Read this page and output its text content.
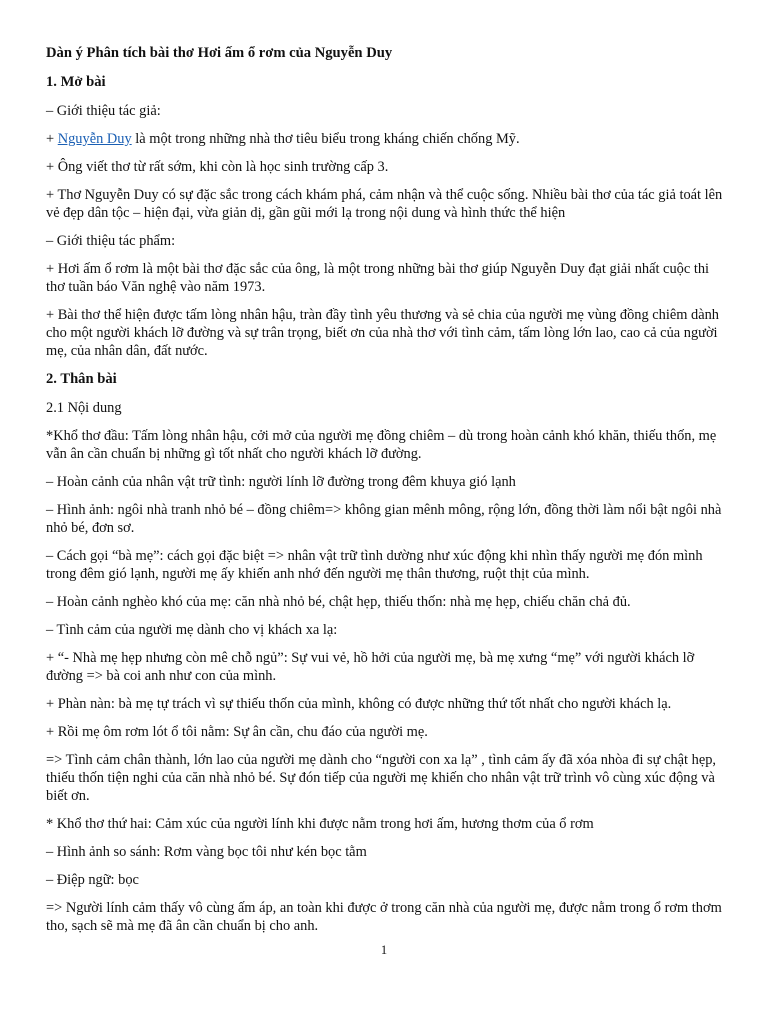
Dàn ý Phân tích bài thơ Hơi ấm ổ rơm của Nguyễn Duy

1. Mở bài

– Giới thiệu tác giả:

+ Nguyễn Duy là một trong những nhà thơ tiêu biểu trong kháng chiến chống Mỹ.

+ Ông viết thơ từ rất sớm, khi còn là học sinh trường cấp 3.

+ Thơ Nguyễn Duy có sự đặc sắc trong cách khám phá, cảm nhận và thể cuộc sống. Nhiều bài thơ của tác giả toát lên vẻ đẹp dân tộc – hiện đại, vừa giản dị, gần gũi mới lạ trong nội dung và hình thức thể hiện

– Giới thiệu tác phẩm:

+ Hơi ấm ổ rơm là một bài thơ đặc sắc của ông, là một trong những bài thơ giúp Nguyễn Duy đạt giải nhất cuộc thi thơ tuần báo Văn nghệ vào năm 1973.

+ Bài thơ thể hiện được tấm lòng nhân hậu, tràn đầy tình yêu thương và sẻ chia của người mẹ vùng đồng chiêm dành cho một người khách lỡ đường và sự trân trọng, biết ơn của nhà thơ với tình cảm, tấm lòng lớn lao, cao cả của người mẹ, của nhân dân, đất nước.

2. Thân bài

2.1 Nội dung

*Khổ thơ đầu: Tấm lòng nhân hậu, cởi mở của người mẹ đồng chiêm – dù trong hoàn cảnh khó khăn, thiếu thốn, mẹ vẫn ân cần chuẩn bị những gì tốt nhất cho người khách lỡ đường.

– Hoàn cảnh của nhân vật trữ tình: người lính lỡ đường trong đêm khuya gió lạnh

– Hình ảnh: ngôi nhà tranh nhỏ bé – đồng chiêm=> không gian mênh mông, rộng lớn, đồng thời làm nổi bật ngôi nhà nhỏ bé, đơn sơ.

– Cách gọi “bà mẹ”: cách gọi đặc biệt => nhân vật trữ tình dường như xúc động khi nhìn thấy người mẹ đón mình trong đêm gió lạnh, người mẹ ấy khiến anh nhớ đến người mẹ thân thương, ruột thịt của mình.

– Hoàn cảnh nghèo khó của mẹ: căn nhà nhỏ bé, chật hẹp, thiếu thốn: nhà mẹ hẹp, chiếu chăn chả đủ.

– Tình cảm của người mẹ dành cho vị khách xa lạ:

+ “- Nhà mẹ hẹp nhưng còn mê chỗ ngủ”: Sự vui vẻ, hồ hởi của người mẹ, bà mẹ xưng “mẹ” với người khách lỡ đường => bà coi anh như con của mình.

+ Phàn nàn: bà mẹ tự trách vì sự thiếu thốn của mình, không có được những thứ tốt nhất cho người khách lạ.

+ Rồi mẹ ôm rơm lót ổ tôi nằm: Sự ân cần, chu đáo của người mẹ.

=> Tình cảm chân thành, lớn lao của người mẹ dành cho “người con xa lạ” , tình cảm ấy đã xóa nhòa đi sự chật hẹp, thiếu thốn tiện nghi của căn nhà nhỏ bé. Sự đón tiếp của người mẹ khiến cho nhân vật trữ trình vô cùng xúc động và biết ơn.

* Khổ thơ thứ hai: Cảm xúc của người lính khi được nằm trong hơi ấm, hương thơm của ổ rơm

– Hình ảnh so sánh: Rơm vàng bọc tôi như kén bọc tằm

– Điệp ngữ: bọc

=> Người lính cảm thấy vô cùng ấm áp, an toàn khi được ở trong căn nhà của người mẹ, được nằm trong ổ rơm thơm tho, sạch sẽ mà mẹ đã ân cần chuẩn bị cho anh.

1
